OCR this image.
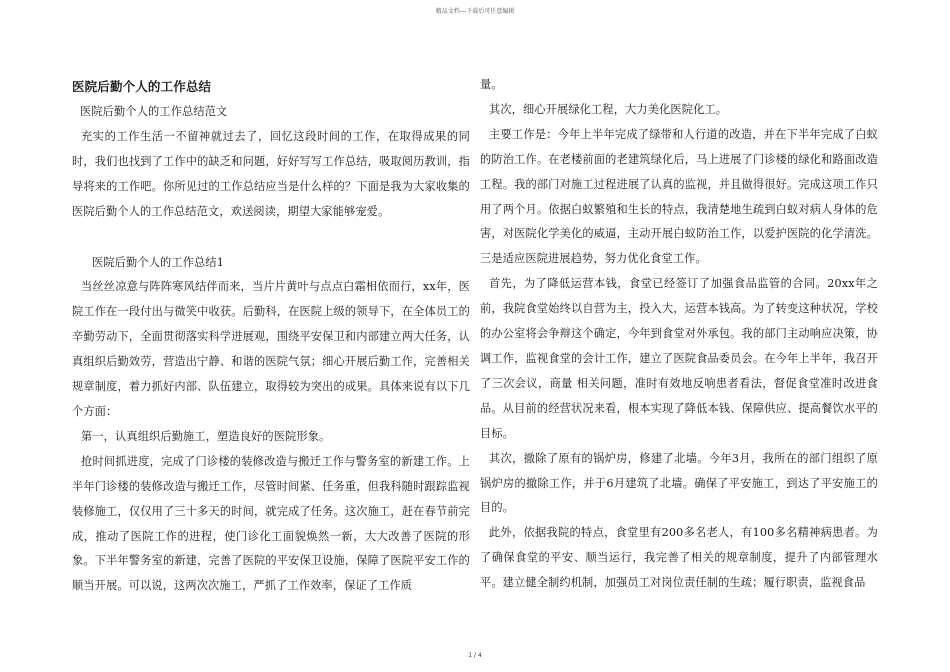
精品文档---下载后可任意编辑
医院后勤个人的工作总结

医院后勤个人的工作总结范文

充实的工作生活一不留神就过去了，回忆这段时间的工作，在取得成果的同时，我们也找到了工作中的缺乏和问题，好好写写工作总结，吸取阅历教训，指导将来的工作吧。你所见过的工作总结应当是什么样的？下面是我为大家收集的医院后勤个人的工作总结范文，欢送阅读，期望大家能够宠爱。

医院后勤个人的工作总结1

当丝丝凉意与阵阵寒风结伴而来，当片片黄叶与点点白霜相依而行，xx年，医院工作在一段付出与微笑中收获。后勤科，在医院上级的领导下，在全体员工的辛勤劳动下，全面贯彻落实科学进展观，围绕平安保卫和内部建立两大任务，认真组织后勤效劳，营造出宁静、和谐的医院气氛；细心开展后勤工作，完善相关规章制度，着力抓好内部、队伍建立，取得较为突出的成果。具体来说有以下几个方面：

第一，认真组织后勤施工，塑造良好的医院形象。

抢时间抓进度，完成了门诊楼的装修改造与搬迁工作与警务室的新建工作。上半年门诊楼的装修改造与搬迁工作，尽管时间紧、任务重，但我科随时跟踪监视装修施工，仅仅用了三十多天的时间，就完成了任务。这次施工，赶在春节前完成，推动了医院工作的进程，使门诊化工面貌焕然一新，大大改善了医院的形象。下半年警务室的新建，完善了医院的平安保卫设施，保障了医院平安工作的顺当开展。可以说，这两次次施工，严抓了工作效率，保证了工作质

量。

其次，细心开展绿化工程，大力美化医院化工。

主要工作是：今年上半年完成了绿带和人行道的改造，并在下半年完成了白蚁的防治工作。在老楼前面的老建筑绿化后，马上进展了门诊楼的绿化和路面改造工程。我的部门对施工过程进展了认真的监视，并且做得很好。完成这项工作只用了两个月。依据白蚁繁殖和生长的特点，我清楚地生疏到白蚁对病人身体的危害，对医院化学美化的威逼，主动开展白蚁防治工作，以爱护医院的化学清洗。三是适应医院进展趋势，努力优化食堂工作。

首先，为了降低运营本钱，食堂已经签订了加强食品监管的合同。20xx年之前，我院食堂始终以自营为主，投入大，运营本钱高。为了转变这种状况，学校的办公室将会争辩这个确定，今年到食堂对外承包。我的部门主动响应决策，协调工作，监视食堂的会计工作，建立了医院食品委员会。在今年上半年，我召开了三次会议，商量 相关问题，准时有效地反响患者看法，督促食堂准时改进食品。从目前的经营状况来看，根本实现了降低本钱、保障供应、提高餐饮水平的目标。

其次，撤除了原有的锅炉房，修建了北墙。今年3月，我所在的部门组织了原锅炉房的撤除工作，并于6月建筑了北墙。确保了平安施工，到达了平安施工的目的。

此外，依据我院的特点，食堂里有200多名老人，有100多名精神病患者。为了确保食堂的平安、顺当运行，我完善了相关的规章制度，提升了内部管理水平。建立健全制约机制，加强员工对岗位责任制的生疏；履行职责，监视食品

1 / 4
